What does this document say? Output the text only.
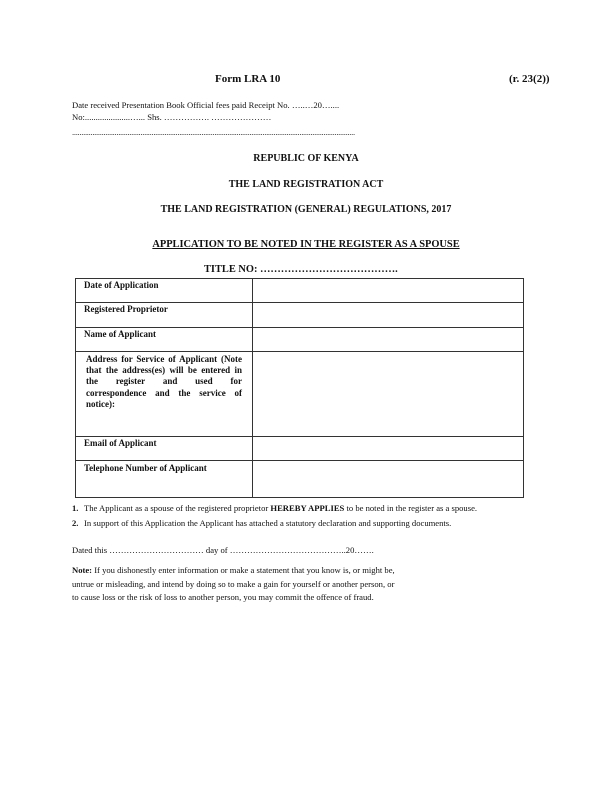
Form LRA 10	(r. 23(2))
Date received Presentation Book Official fees paid Receipt No. …..…20…....
No:.....................…... Shs. ……………. …………………
.........................................................................................................................................................
REPUBLIC OF KENYA
THE LAND REGISTRATION ACT
THE LAND REGISTRATION (GENERAL) REGULATIONS, 2017
APPLICATION TO BE NOTED IN THE REGISTER AS A SPOUSE
TITLE NO: ………………………………….
Date of Application	
Registered Proprietor	
Name of Applicant	
Address for Service of Applicant (Note that the address(es) will be entered in the register and used for correspondence and the service of notice):	
Email of Applicant	
Telephone Number of Applicant	
1. The Applicant as a spouse of the registered proprietor HEREBY APPLIES to be noted in the register as a spouse.
2. In support of this Application the Applicant has attached a statutory declaration and supporting documents.
Dated this …………………………… day of …………………………………..20…….
Note: If you dishonestly enter information or make a statement that you know is, or might be,
untrue or misleading, and intend by doing so to make a gain for yourself or another person, or
to cause loss or the risk of loss to another person, you may commit the offence of fraud.
